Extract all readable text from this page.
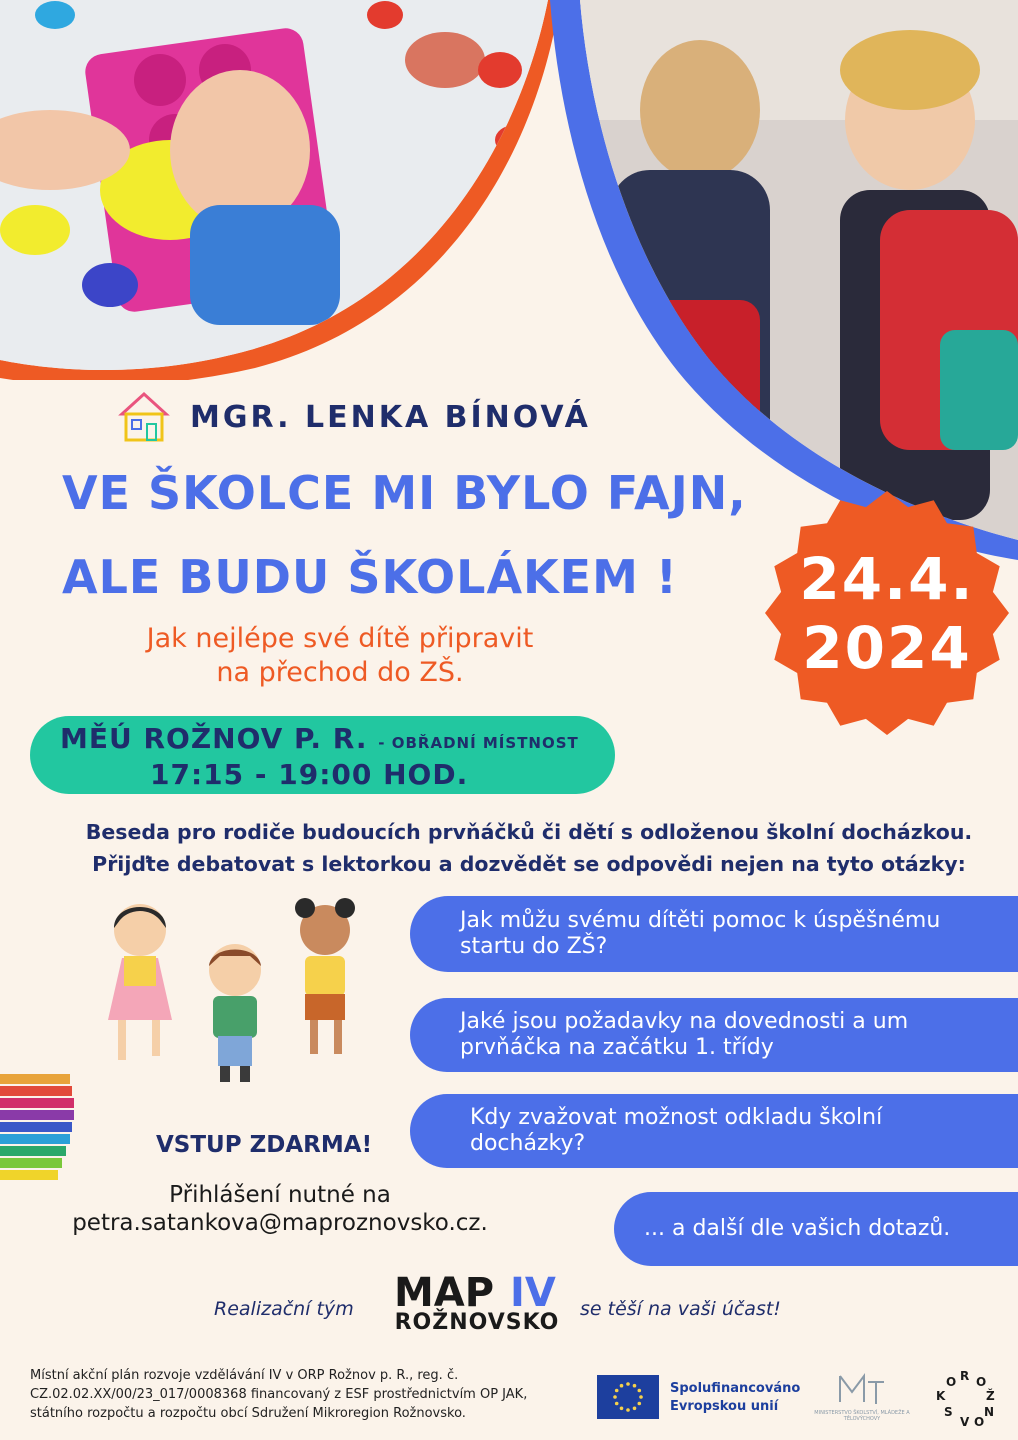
MGR. LENKA BÍNOVÁ
VE ŠKOLCE MI BYLO FAJN,
ALE BUDU ŠKOLÁKEM !
Jak nejlépe své dítě připravit
na přechod do ZŠ.
24.4.
2024
MĚÚ ROŽNOV P. R. - OBŘADNÍ MÍSTNOST
17:15 - 19:00 HOD.
Beseda pro rodiče budoucích prvňáčků či dětí s odloženou školní docházkou.
Přijďte debatovat s lektorkou a dozvědět se odpovědi nejen na tyto otázky:
Jak můžu svému dítěti pomoc k úspěšnému startu do ZŠ?
Jaké jsou požadavky na dovednosti a um prvňáčka na začátku 1. třídy
Kdy zvažovat možnost odkladu školní docházky?
... a další dle vašich dotazů.
VSTUP ZDARMA!
Přihlášení nutné na
petra.satankova@maproznovsko.cz.
Realizační tým MAP IV
ROŽNOVSKO
se těší na vaši účast!
Místní akční plán rozvoje vzdělávání IV v ORP Rožnov p. R., reg. č. CZ.02.02.XX/00/23_017/0008368 financovaný z ESF prostřednictvím OP JAK, státního rozpočtu a rozpočtu obcí Sdružení Mikroregion Rožnovsko.
Spolufinancováno
Evropskou unií	MINISTERSTVO ŠKOLSTVÍ, MLÁDEŽE A TĚLOVÝCHOVY
R
O O
K	Ž
S	N
V O
